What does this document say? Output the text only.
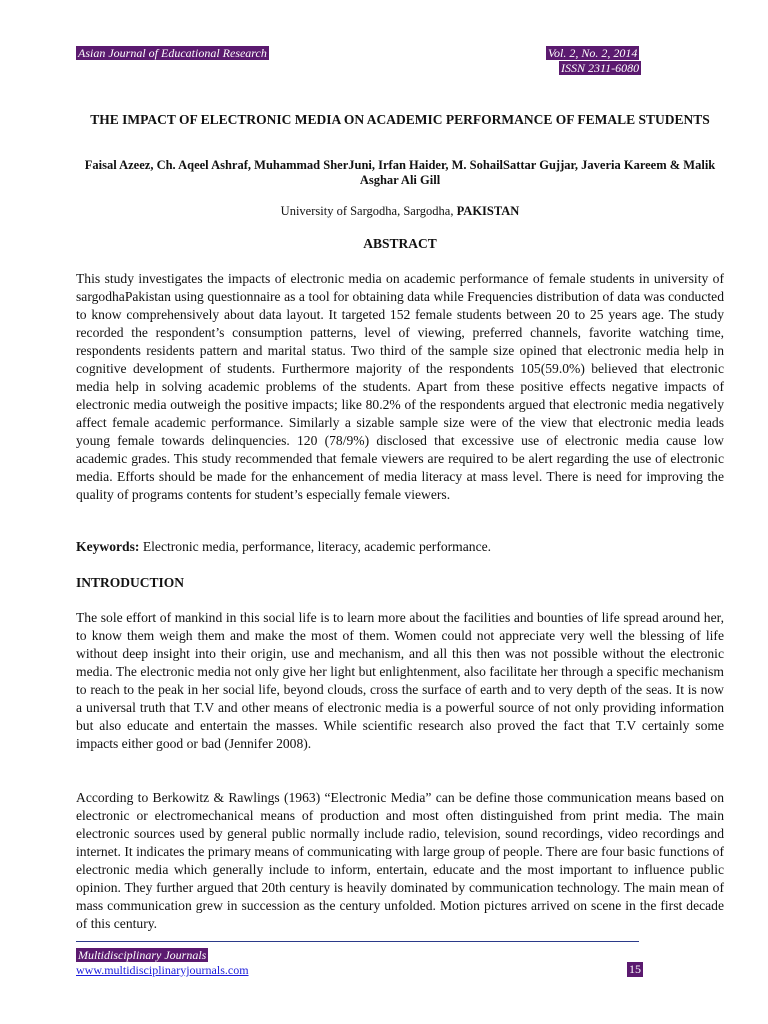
Asian Journal of Educational Research	Vol. 2, No. 2, 2014
ISSN 2311-6080
THE IMPACT OF ELECTRONIC MEDIA ON ACADEMIC PERFORMANCE OF FEMALE STUDENTS
Faisal Azeez, Ch. Aqeel Ashraf, Muhammad SherJuni, Irfan Haider, M. SohailSattar Gujjar, Javeria Kareem & Malik Asghar Ali Gill
University of Sargodha, Sargodha, PAKISTAN
ABSTRACT

This study investigates the impacts of electronic media on academic performance of female students in university of sargodhaPakistan using questionnaire as a tool for obtaining data while Frequencies distribution of data was conducted to know comprehensively about data layout. It targeted 152 female students between 20 to 25 years age. The study recorded the respondent’s consumption patterns, level of viewing, preferred channels, favorite watching time, respondents residents pattern and marital status. Two third of the sample size opined that electronic media help in cognitive development of students. Furthermore majority of the respondents 105(59.0%) believed that electronic media help in solving academic problems of the students. Apart from these positive effects negative impacts of electronic media outweigh the positive impacts; like 80.2% of the respondents argued that electronic media negatively affect female academic performance. Similarly a sizable sample size were of the view that electronic media leads young female towards delinquencies. 120 (78/9%) disclosed that excessive use of electronic media cause low academic grades. This study recommended that female viewers are required to be alert regarding the use of electronic media. Efforts should be made for the enhancement of media literacy at mass level. There is need for improving the quality of programs contents for student’s especially female viewers.

Keywords: Electronic media, performance, literacy, academic performance.

INTRODUCTION

The sole effort of mankind in this social life is to learn more about the facilities and bounties of life spread around her, to know them weigh them and make the most of them. Women could not appreciate very well the blessing of life without deep insight into their origin, use and mechanism, and all this then was not possible without the electronic media. The electronic media not only give her light but enlightenment, also facilitate her through a specific mechanism to reach to the peak in her social life, beyond clouds, cross the surface of earth and to very depth of the seas. It is now a universal truth that T.V and other means of electronic media is a powerful source of not only providing information but also educate and entertain the masses. While scientific research also proved the fact that T.V certainly some impacts either good or bad (Jennifer 2008).

According to Berkowitz & Rawlings (1963) “Electronic Media” can be define those communication means based on electronic or electromechanical means of production and most often distinguished from print media. The main electronic sources used by general public normally include radio, television, sound recordings, video recordings and internet. It indicates the primary means of communicating with large group of people. There are four basic functions of electronic media which generally include to inform, entertain, educate and the most important to influence public opinion. They further argued that 20th century is heavily dominated by communication technology. The main mean of mass communication grew in succession as the century unfolded. Motion pictures arrived on scene in the first decade of this century.

Multidisciplinary Journals
www.multidisciplinaryjournals.com	15
